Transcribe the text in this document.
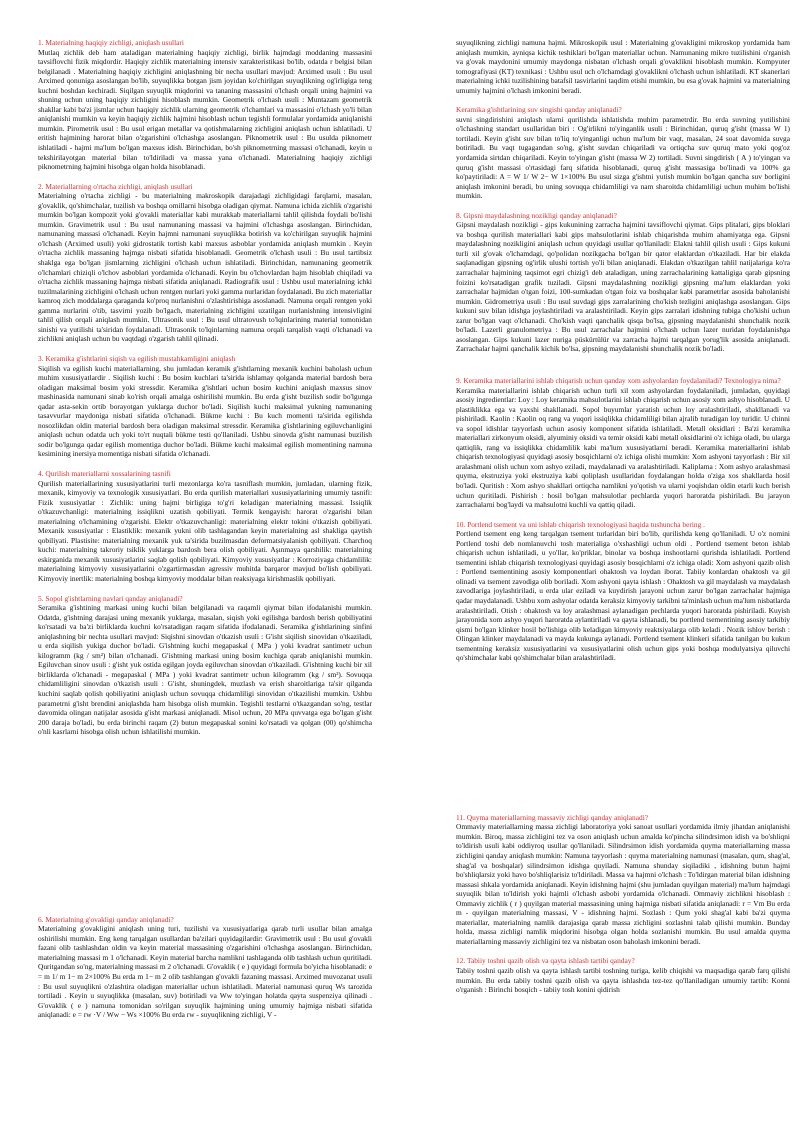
1. Materialning haqiqiy zichligi, aniqlash usullari

Mutlaq zichlik deb ham ataladigan materialning haqiqiy zichligi, birlik hajmdagi moddaning massasini tavsiflovchi fizik miqdordir. Haqiqiy zichlik materialning intensiv xarakteristikasi bo'lib, odatda r belgisi bilan belgilanadi . Materialning haqiqiy zichligini aniqlashning bir necha usullari mavjud: Arximed usuli : Bu usul Arximed qonuniga asoslangan bo'lib, suyuqlikka botgan jism joyidan ko'chirilgan suyuqlikning og'irligiga teng kuchni boshdan kechiradi. Siqilgan suyuqlik miqdorini va tananing massasini o'lchash orqali uning hajmini va shuning uchun uning haqiqiy zichligini hisoblash mumkin. Geometrik o'lchash usuli : Muntazam geometrik shakllar kabi ba'zi jismlar uchun haqiqiy zichlik ularning geometrik o'lchamlari va massasini o'lchash yo'li bilan aniqlanishi mumkin va keyin haqiqiy zichlik hajmini hisoblash uchun tegishli formulalar yordamida aniqlanishi mumkin. Pirometrik usul : Bu usul erigan metallar va qotishmalarning zichligini aniqlash uchun ishlatiladi. U eritish hajmining harorat bilan o'zgarishini o'lchashga asoslangan. Piknometrik usul : Bu usulda piknometr ishlatiladi - hajmi ma'lum bo'lgan maxsus idish. Birinchidan, bo'sh piknometrning massasi o'lchanadi, keyin u tekshirilayotgan material bilan to'ldiriladi va massa yana o'lchanadi. Materialning haqiqiy zichligi piknometrning hajmini hisobga olgan holda hisoblanadi.

2. Materiallarning o'rtacha zichligi, aniqlash usullari

Materialning o'rtacha zichligi - bu materialning makroskopik darajadagi zichligidagi farqlarni, masalan, g'ovaklik, qo'shimchalar, tuzilish va boshqa omillarni hisobga oladigan qiymat. Namuna ichida zichlik o'zgarishi mumkin bo'lgan kompozit yoki g'ovakli materiallar kabi murakkab materiallarni tahlil qilishda foydali bo'lishi mumkin. Gravimetrik usul : Bu usul namunaning massasi va hajmini o'lchashga asoslangan. Birinchidan, namunaning massasi o'lchanadi. Keyin hajmni namunani suyuqlikka botirish va ko'chirilgan suyuqlik hajmini o'lchash (Arximed usuli) yoki gidrostatik tortish kabi maxsus asboblar yordamida aniqlash mumkin . Keyin o'rtacha zichlik massaning hajmga nisbati sifatida hisoblanadi. Geometrik o'lchash usuli : Bu usul tartibsiz shaklga ega bo'lgan jismlarning zichligini o'lchash uchun ishlatiladi. Birinchidan, namunaning geometrik o'lchamlari chiziqli o'lchov asboblari yordamida o'lchanadi. Keyin bu o'lchovlardan hajm hisoblab chiqiladi va o'rtacha zichlik massaning hajmga nisbati sifatida aniqlanadi. Radiografik usul : Ushbu usul materialning ichki tuzilmalarining zichligini o'lchash uchun rentgen nurlari yoki gamma nurlaridan foydalanadi. Bu zich materiallar kamroq zich moddalarga qaraganda ko'proq nurlanishni o'zlashtirishiga asoslanadi. Namuna orqali rentgen yoki gamma nurlarini o'tib, tasvirni yozib bo'lgach, materialning zichligini uzatilgan nurlanishning intensivligini tahlil qilish orqali aniqlash mumkin. Ultrasonik usul : Bu usul ultratovush to'lqinlarining material tomonidan sinishi va yutilishi ta'siridan foydalanadi. Ultrasonik to'lqinlarning namuna orqali tarqalish vaqti o'lchanadi va zichlikni aniqlash uchun bu vaqtdagi o'zgarish tahlil qilinadi.

3. Keramika g'ishtlarini siqish va egilish mustahkamligini aniqlash

Siqilish va egilish kuchi materiallarning, shu jumladan keramik g'ishtlarning mexanik kuchini baholash uchun muhim xususiyatlardir . Siqilish kuchi : Bu bosim kuchlari ta'sirida ishlamay qolganda material bardosh bera oladigan maksimal bosim yoki stressdir. Keramika g'ishtlari uchun bosim kuchini aniqlash maxsus sinov mashinasida namunani sinab ko'rish orqali amalga oshirilishi mumkin. Bu erda g'isht buzilish sodir bo'lgunga qadar asta-sekin ortib borayotgan yuklarga duchor bo'ladi. Siqilish kuchi maksimal yukning namunaning tasavvurlar maydoniga nisbati sifatida o'lchanadi. Bükme kuchi : Bu kuch momenti ta'sirida egilishda nosozlikdan oldin material bardosh bera oladigan maksimal stressdir. Keramika g'ishtlarining egiluvchanligini aniqlash uchun odatda uch yoki to'rt nuqtali bükme testi qo'llaniladi. Ushbu sinovda g'isht namunasi buzilish sodir bo'lgunga qadar egilish momentiga duchor bo'ladi. Bükme kuchi maksimal egilish momentining namuna kesimining inersiya momentiga nisbati sifatida o'lchanadi.

4. Qurilish materiallarni xossalarining tasnifi

Qurilish materiallarining xususiyatlarini turli mezonlarga ko'ra tasniflash mumkin, jumladan, ularning fizik, mexanik, kimyoviy va texnologik xususiyatlari. Bu erda qurilish materiallari xususiyatlarining umumiy tasnifi: Fizik xususiyatlar : Zichlik: uning hajmi birligiga to'g'ri keladigan materialning massasi. Issiqlik o'tkazuvchanligi: materialning issiqlikni uzatish qobiliyati. Termik kengayish: harorat o'zgarishi bilan materialning o'lchamining o'zgarishi. Elektr o'tkazuvchanligi: materialning elektr tokini o'tkazish qobiliyati. Mexanik xususiyatlar : Elastiklik: mexanik yukni olib tashlagandan keyin materialning asl shakliga qaytish qobiliyati. Plastisite: materialning mexanik yuk ta'sirida buzilmasdan deformatsiyalanish qobiliyati. Charchoq kuchi: materialning takroriy tsiklik yuklarga bardosh bera olish qobiliyati. Aşınmaya qarshilik: materialning eskirganida mexanik xususiyatlarini saqlab qolish qobiliyati. Kimyoviy xususiyatlar : Korroziyaga chidamlilik: materialning kimyoviy xususiyatlarini o'zgartirmasdan agressiv muhitda barqaror mavjud bo'lish qobiliyati. Kimyoviy inertlik: materialning boshqa kimyoviy moddalar bilan reaksiyaga kirishmaslik qobiliyati.

5. Sopol g'ishtlarning navlari qanday aniqlanadi?

Seramika g'ishtining markasi uning kuchi bilan belgilanadi va raqamli qiymat bilan ifodalanishi mumkin. Odatda, g'ishtning darajasi uning mexanik yuklarga, masalan, siqish yoki egilishga bardosh berish qobiliyatini ko'rsatadi va ba'zi birliklarda kuchni ko'rsatadigan raqam sifatida ifodalanadi. Seramika g'ishtlarining sinfini aniqlashning bir nechta usullari mavjud: Siqishni sinovdan o'tkazish usuli : G'isht siqilish sinovidan o'tkaziladi, u erda siqilish yukiga duchor bo'ladi. G'ishtning kuchi megapaskal ( MPa ) yoki kvadrat santimetr uchun kilogramm (kg / sm²) bilan o'lchanadi. G'ishtning markasi uning bosim kuchiga qarab aniqlanishi mumkin. Egiluvchan sinov usuli : g'isht yuk ostida egilgan joyda egiluvchan sinovdan o'tkaziladi. G'ishtning kuchi bir xil birliklarda o'lchanadi - megapaskal ( MPa ) yoki kvadrat santimetr uchun kilogramm (kg / sm²). Sovuqqa chidamliligini sinovdan o'tkazish usuli : G'isht, shuningdek, muzlash va erish sharoitlariga ta'sir qilganda kuchini saqlab qolish qobiliyatini aniqlash uchun sovuqqa chidamliligi sinovidan o'tkazilishi mumkin. Ushbu parametrni g'isht brendini aniqlashda ham hisobga olish mumkin. Tegishli testlarni o'tkazgandan so'ng, testlar davomida olingan natijalar asosida g'isht markasi aniqlanadi. Misol uchun, 20 MPa quvvatga ega bo'lgan g'isht 200 daraja bo'ladi, bu erda birinchi raqam (2) butun megapaskal sonini ko'rsatadi va qolgan (00) qo'shimcha o'nli kasrlarni hisobga olish uchun ishlatilishi mumkin.

6. Materialning g'ovakligi qanday aniqlanadi?

Materialning g'ovakligini aniqlash uning turi, tuzilishi va xususiyatlariga qarab turli usullar bilan amalga oshirilishi mumkin. Eng keng tarqalgan usullardan ba'zilari quyidagilardir: Gravimetrik usul : Bu usul g'ovakli fazani olib tashlashdan oldin va keyin material massasining o'zgarishini o'lchashga asoslangan. Birinchidan, materialning massasi m 1 o'lchanadi. Keyin material barcha namlikni tashlaganda olib tashlash uchun quritiladi. Quritgandan so'ng, materialning massasi m 2 o'lchanadi. G'ovaklik ( e ) quyidagi formula bo'yicha hisoblanadi: e = m 1/ m 1− m 2×100% Bu erda m 1− m 2 olib tashlangan g'ovakli fazaning massasi. Arximed muvozanat usuli : Bu usul suyuqlikni o'zlashtira oladigan materiallar uchun ishlatiladi. Material namunasi quruq Ws tarozida tortiladi . Keyin u suyuqlikka (masalan, suv) botiriladi va Ww to'yingan holatda qayta suspenziya qilinadi . G'ovaklik ( e ) namuna tomonidan so'rilgan suyuqlik hajmining uning umumiy hajmiga nisbati sifatida aniqlanadi: e = rw ·V / Ww − Ws ×100% Bu erda rw - suyuqlikning zichligi, V -

suyuqlikning zichligi namuna hajmi. Mikroskopik usul : Materialning g'ovakligini mikroskop yordamida ham aniqlash mumkin, ayniqsa kichik teshiklari bo'lgan materiallar uchun. Namunaning mikro tuzilishini o'rganish va g'ovak maydonini umumiy maydonga nisbatan o'lchash orqali g'ovaklikni hisoblash mumkin. Kompyuter tomografiyasi (KT) texnikasi : Ushbu usul uch o'lchamdagi g'ovaklikni o'lchash uchun ishlatiladi. KT skanerlari materialning ichki tuzilishining batafsil tasvirlarini taqdim etishi mumkin, bu esa g'ovak hajmini va materialning umumiy hajmini o'lchash imkonini beradi.

Keramika g'ishtlarining suv singishi qanday aniqlanadi?

suvni singdirishini aniqlash ularni qurilishda ishlatishda muhim parametrdir. Bu erda suvning yutilishini o'lchashning standart usullaridan biri : Og'irlikni to'yinganlik usuli : Birinchidan, quruq g'isht (massa W 1) tortiladi. Keyin g'isht suv bilan to'liq to'yinganligi uchun ma'lum bir vaqt, masalan, 24 soat davomida suvga botiriladi. Bu vaqt tugagandan so'ng, g'isht suvdan chiqariladi va ortiqcha suv quruq mato yoki qog'oz yordamida sirtdan chiqariladi. Keyin to'yingan g'isht (massa W 2) tortiladi. Suvni singdirish ( A ) to'yingan va quruq g'isht massasi o'rtasidagi farq sifatida hisoblanadi, quruq g'isht massasiga bo'linadi va 100% ga ko'paytiriladi: A = W 1/ W 2− W 1×100% Bu usul sizga g'ishtni yutish mumkin bo'lgan qancha suv borligini aniqlash imkonini beradi, bu uning sovuqqa chidamliligi va nam sharoitda chidamliligi uchun muhim bo'lishi mumkin.

8. Gipsni maydalashning nozikligi qanday aniqlanadi?

Gipsni maydalash nozikligi - gips kukunining zarracha hajmini tavsiflovchi qiymat. Gips plitalari, gips bloklari va boshqa qurilish materiallari kabi gips mahsulotlarini ishlab chiqarishda muhim ahamiyatga ega. Gipsni maydalashning nozikligini aniqlash uchun quyidagi usullar qo'llaniladi: Elakni tahlil qilish usuli : Gips kukuni turli xil g'ovak o'lchamdagi, qo'polidan nozikgacha bo'lgan bir qator elaklardan o'tkaziladi. Har bir elakda saqlanadigan gipsning og'irlik ulushi tortish yo'li bilan aniqlanadi. Elakdan o'tkazilgan tahlil natijalariga ko'ra zarrachalar hajmining taqsimot egri chizig'i deb ataladigan, uning zarrachalarining kattaligiga qarab gipsning foizini ko'rsatadigan grafik tuziladi. Gipsni maydalashning nozikligi gipsning ma'lum elaklardan yoki zarrachalar hajmidan o'tgan foizi, 100-sumkadan o'tgan foiz va boshqalar kabi parametrlar asosida baholanishi mumkin. Gidrometriya usuli : Bu usul suvdagi gips zarralarining cho'kish tezligini aniqlashga asoslangan. Gips kukuni suv bilan idishga joylashtiriladi va aralashtiriladi. Keyin gips zarralari idishning tubiga cho'kishi uchun zarur bo'lgan vaqt o'lchanadi. Cho'kish vaqti qanchalik qisqa bo'lsa, gipsning maydalanishi shunchalik nozik bo'ladi. Lazerli granulometriya : Bu usul zarrachalar hajmini o'lchash uchun lazer nuridan foydalanishga asoslangan. Gips kukuni lazer nuriga püskürtülür va zarracha hajmi tarqalgan yorug'lik asosida aniqlanadi. Zarrachalar hajmi qanchalik kichik bo'lsa, gipsning maydalanishi shunchalik nozik bo'ladi.

9. Keramika materiallarini ishlab chiqarish uchun qanday xom ashyolardan foydalaniladi? Texnologiya nima?

Keramika materiallarini ishlab chiqarish uchun turli xil xom ashyolardan foydalaniladi, jumladan, quyidagi asosiy ingredientlar: Loy : Loy keramika mahsulotlarini ishlab chiqarish uchun asosiy xom ashyo hisoblanadi. U plastiklikka ega va yaxshi shakllanadi. Sopol buyumlar yaratish uchun loy aralashtiriladi, shakllanadi va pishiriladi. Kaolin : Kaolin oq rang va yuqori issiqlikka chidamliligi bilan ajralib turadigan loy turidir. U chinni va sopol idishlar tayyorlash uchun asosiy komponent sifatida ishlatiladi. Metall oksidlari : Ba'zi keramika materiallari zirkonyum oksidi, alyuminiy oksidi va temir oksidi kabi metall oksidlarini o'z ichiga oladi, bu ularga qattiqlik, rang va issiqlikka chidamlilik kabi ma'lum xususiyatlarni beradi. Keramika materiallarini ishlab chiqarish texnologiyasi quyidagi asosiy bosqichlarni o'z ichiga olishi mumkin: Xom ashyoni tayyorlash : Bir xil aralashmani olish uchun xom ashyo eziladi, maydalanadi va aralashtiriladi. Kaliplama : Xom ashyo aralashmasi quyma, ekstruziya yoki ekstruziya kabi qoliplash usullaridan foydalangan holda o'ziga xos shakllarda hosil bo'ladi. Quritish : Xom ashyo shakllari ortiqcha namlikni yo'qotish va ularni yoqishdan oldin etarli kuch berish uchun quritiladi. Pishirish : hosil bo'lgan mahsulotlar pechlarda yuqori haroratda pishiriladi. Bu jarayon zarrachalarni bog'laydi va mahsulotni kuchli va qattiq qiladi.

10. Portlend tsement va uni ishlab chiqarish texnologiyasi haqida tushuncha bering .

Portlend tsement eng keng tarqalgan tsement turlaridan biri bo'lib, qurilishda keng qo'llaniladi. U o'z nomini Portlend toshi deb nomlanuvchi tosh materialiga o'xshashligi uchun oldi . Portlend tsement beton ishlab chiqarish uchun ishlatiladi, u yo'llar, ko'priklar, binolar va boshqa inshootlarni qurishda ishlatiladi. Portlend tsementini ishlab chiqarish texnologiyasi quyidagi asosiy bosqichlarni o'z ichiga oladi: Xom ashyoni qazib olish : Portlend tsementining asosiy komponentlari ohaktosh va loydan iborat. Tabiiy konlardan ohaktosh va gil olinadi va tsement zavodiga olib boriladi. Xom ashyoni qayta ishlash : Ohaktosh va gil maydalash va maydalash zavodlariga joylashtiriladi, u erda ular eziladi va kuydirish jarayoni uchun zarur bo'lgan zarrachalar hajmiga qadar maydalanadi. Ushbu xom ashyolar odatda keraksiz kimyoviy tarkibni ta'minlash uchun ma'lum nisbatlarda aralashtiriladi. Otish : ohaktosh va loy aralashmasi aylanadigan pechlarda yuqori haroratda pishiriladi. Kuyish jarayonida xom ashyo yuqori haroratda aylantiriladi va qayta ishlanadi, bu portlend tsementining asosiy tarkibiy qismi bo'lgan klinker hosil bo'lishiga olib keladigan kimyoviy reaktsiyalarga olib keladi . Nozik ishlov berish : Olingan klinker maydalanadi va mayda kukunga aylanadi. Portlend tsement klinkeri sifatida tanilgan bu kukun tsementning keraksiz xususiyatlarini va xususiyatlarini olish uchun gips yoki boshqa modulyatsiya qiluvchi qo'shimchalar kabi qo'shimchalar bilan aralashtiriladi.

11. Quyma materiallarning massaviy zichligi qanday aniqlanadi?

Ommaviy materiallarning massa zichligi laboratoriya yoki sanoat usullari yordamida ilmiy jihatdan aniqlanishi mumkin. Biroq, massa zichligini tez va oson aniqlash uchun amalda ko'pincha silindrsimon idish va bo'shliqni to'ldirish usuli kabi oddiyroq usullar qo'llaniladi. Silindrsimon idish yordamida quyma materiallarning massa zichligini qanday aniqlash mumkin: Namuna tayyorlash : quyma materialning namunasi (masalan, qum, shag'al, shag'al va boshqalar) silindrsimon idishga quyiladi. Namuna shunday siqiladiki , idishning butun hajmi bo'shliqlarsiz yoki havo bo'shliqlarisiz to'ldiriladi. Massa va hajmni o'lchash : To'ldirgan material bilan idishning massasi shkala yordamida aniqlanadi. Keyin idishning hajmi (shu jumladan quyilgan material) ma'lum hajmdagi suyuqlik bilan to'ldirish yoki hajmli o'lchash asbobi yordamida o'lchanadi. Ommaviy zichlikni hisoblash : Ommaviy zichlik ( r ) quyilgan material massasining uning hajmiga nisbati sifatida aniqlanadi: r = Vm Bu erda m - quyilgan materialning massasi, V - idishning hajmi. Sozlash : Qum yoki shag'al kabi ba'zi quyma materiallar, materialning namlik darajasiga qarab massa zichligini sozlashni talab qilishi mumkin. Bunday holda, massa zichligi namlik miqdorini hisobga olgan holda sozlanishi mumkin. Bu usul amalda quyma materiallarning massaviy zichligini tez va nisbatan oson baholash imkonini beradi.

12. Tabiiy toshni qazib olish va qayta ishlash tartibi qanday?

Tabiiy toshni qazib olish va qayta ishlash tartibi toshning turiga, kelib chiqishi va maqsadiga qarab farq qilishi mumkin. Bu erda tabiiy toshni qazib olish va qayta ishlashda tez-tez qo'llaniladigan umumiy tartib: Konni o'rganish : Birinchi bosqich - tabiiy tosh konini qidirish
